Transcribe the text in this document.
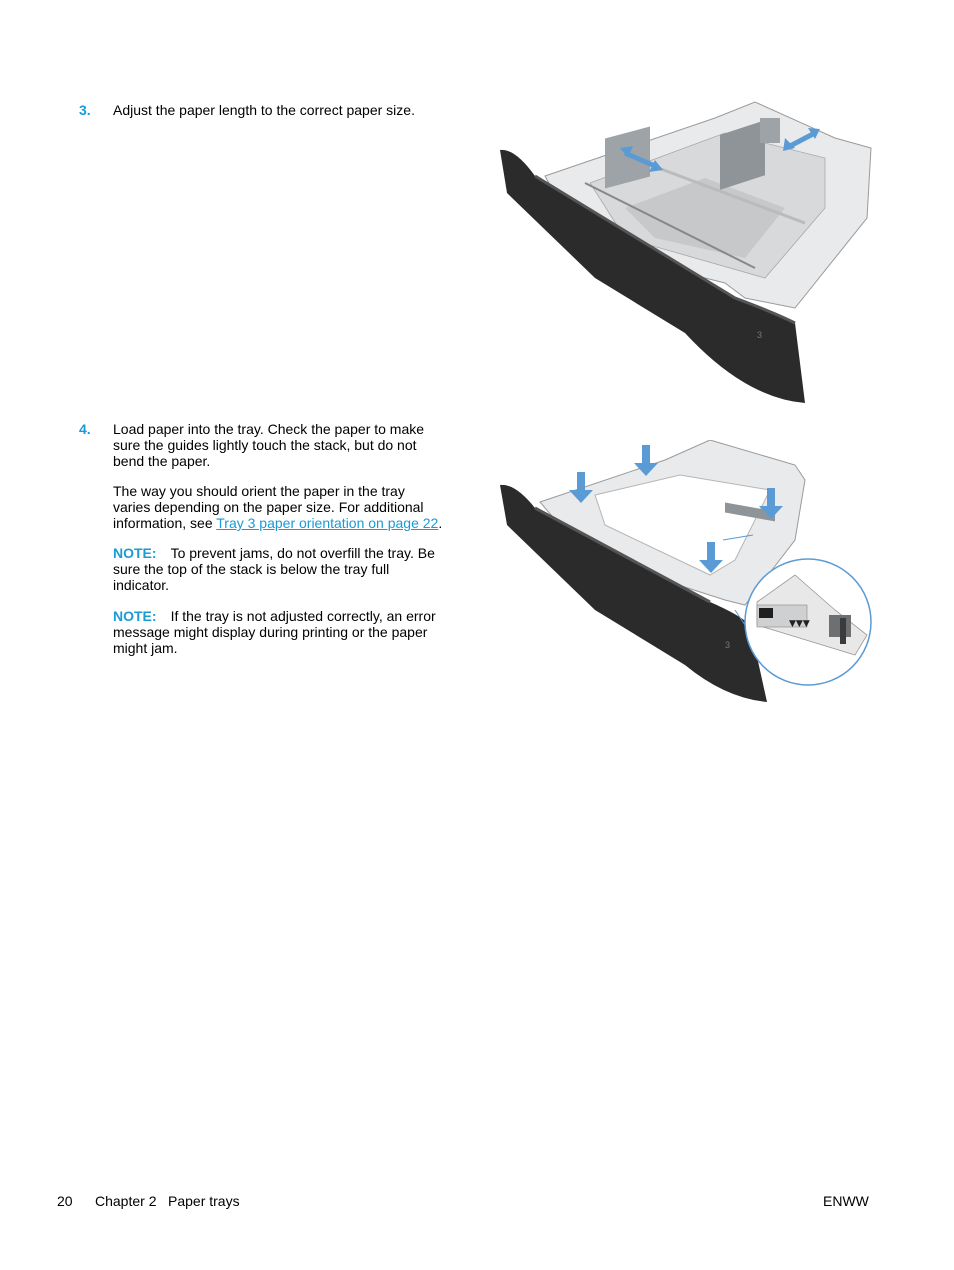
3. Adjust the paper length to the correct paper size.

3
4. Load paper into the tray. Check the paper to make sure the guides lightly touch the stack, but do not bend the paper.

The way you should orient the paper in the tray varies depending on the paper size. For additional information, see Tray 3 paper orientation on page 22.

NOTE: To prevent jams, do not overfill the tray. Be sure the top of the stack is below the tray full indicator.

NOTE: If the tray is not adjusted correctly, an error message might display during printing or the paper might jam.	3
▼▼▼
20 Chapter 2 Paper trays	ENWW
